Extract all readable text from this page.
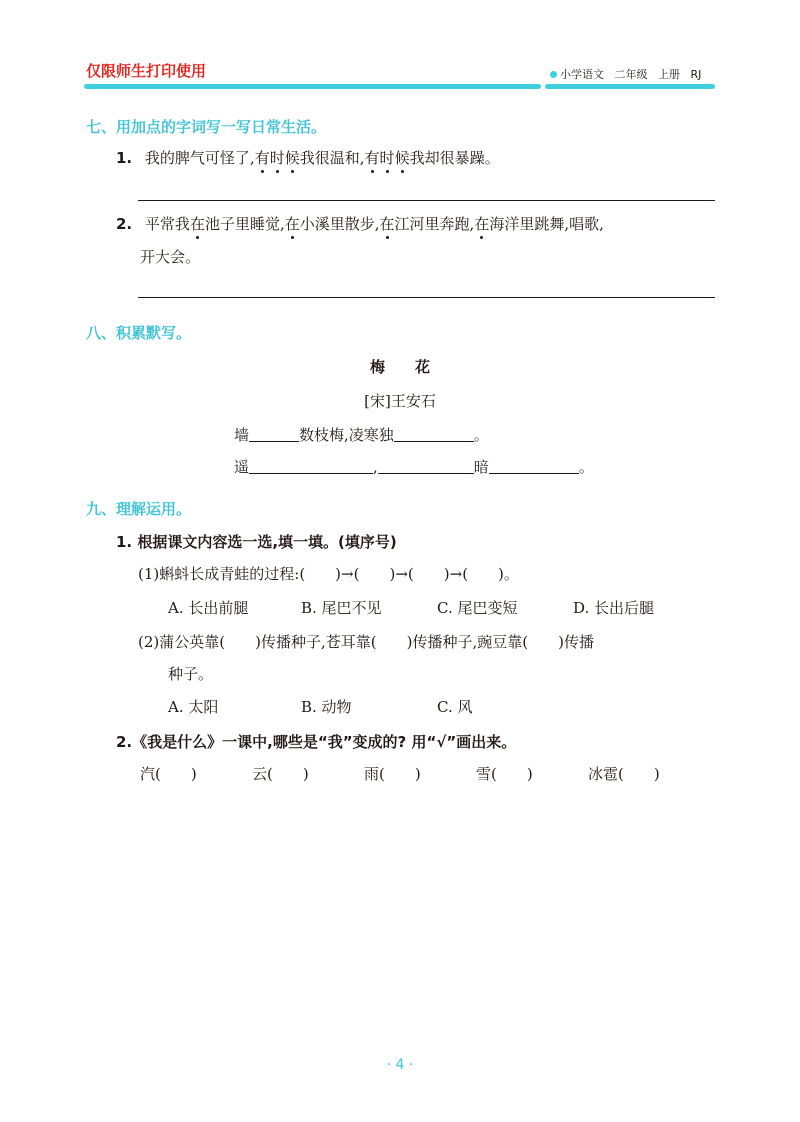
仅限师生打印使用	小学语文   二年级   上册   RJ
七、用加点的字词写一写日常生活。
1. 我的脾气可怪了,有时候我很温和,有时候我却很暴躁。
2. 平常我在池子里睡觉,在小溪里散步,在江河里奔跑,在海洋里跳舞,唱歌,
开大会。
八、积累默写。
梅　　花
[宋]王安石
墙	数枝梅,凌寒独	。
遥	,	暗	。
九、理解运用。
1. 根据课文内容选一选,填一填。(填序号)
(1)蝌蚪长成青蛙的过程:(　　)→(　　)→(　　)→(　　)。
A. 长出前腿	B. 尾巴不见	C. 尾巴变短	D. 长出后腿
(2)蒲公英靠(　　)传播种子,苍耳靠(　　)传播种子,豌豆靠(　　)传播
种子。
A. 太阳	B. 动物	C. 风
2.《我是什么》一课中,哪些是“我”变成的? 用“√”画出来。
汽(　　)	云(　　)	雨(　　)	雪(　　)	冰雹(　　)
· 4 ·
